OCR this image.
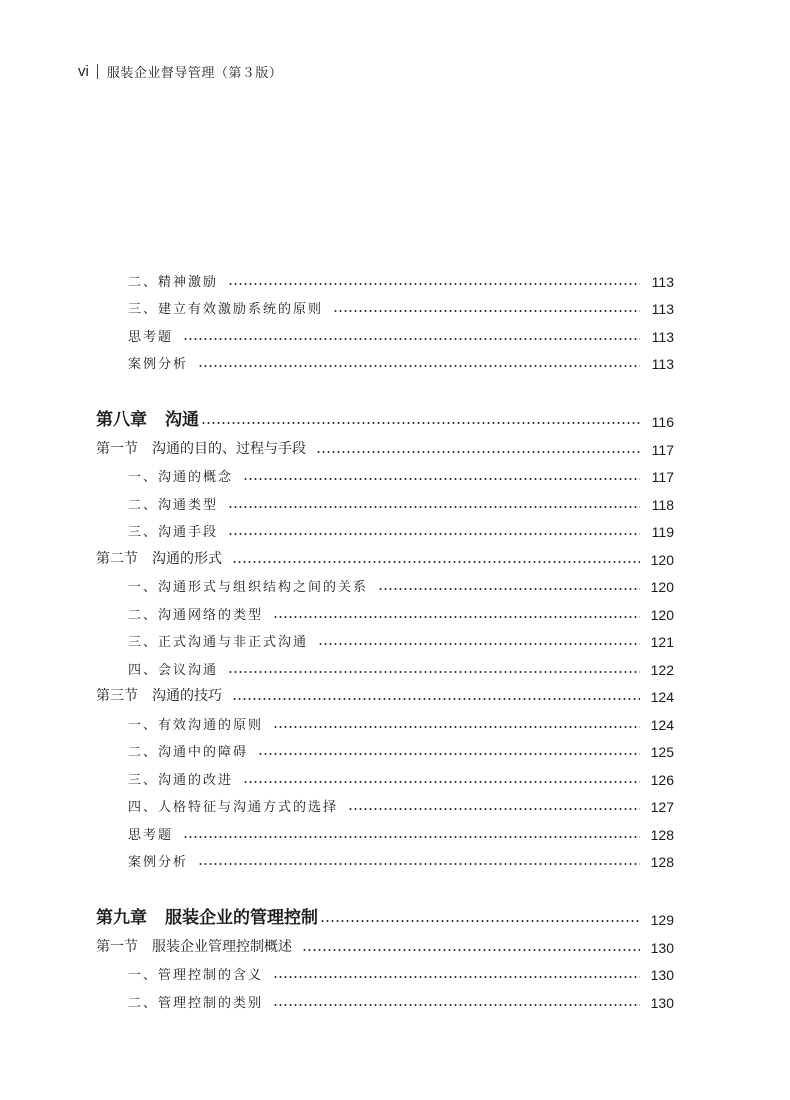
vi 服装企业督导管理（第３版）
二、精神激励	113
三、建立有效激励系统的原则	113
思考题	113
案例分析	113
第八章 沟通	116
第一节 沟通的目的、过程与手段	117
一、沟通的概念	117
二、沟通类型	118
三、沟通手段	119
第二节 沟通的形式	120
一、沟通形式与组织结构之间的关系	120
二、沟通网络的类型	120
三、正式沟通与非正式沟通	121
四、会议沟通	122
第三节 沟通的技巧	124
一、有效沟通的原则	124
二、沟通中的障碍	125
三、沟通的改进	126
四、人格特征与沟通方式的选择	127
思考题	128
案例分析	128
第九章 服装企业的管理控制	129
第一节 服装企业管理控制概述	130
一、管理控制的含义	130
二、管理控制的类别	130
